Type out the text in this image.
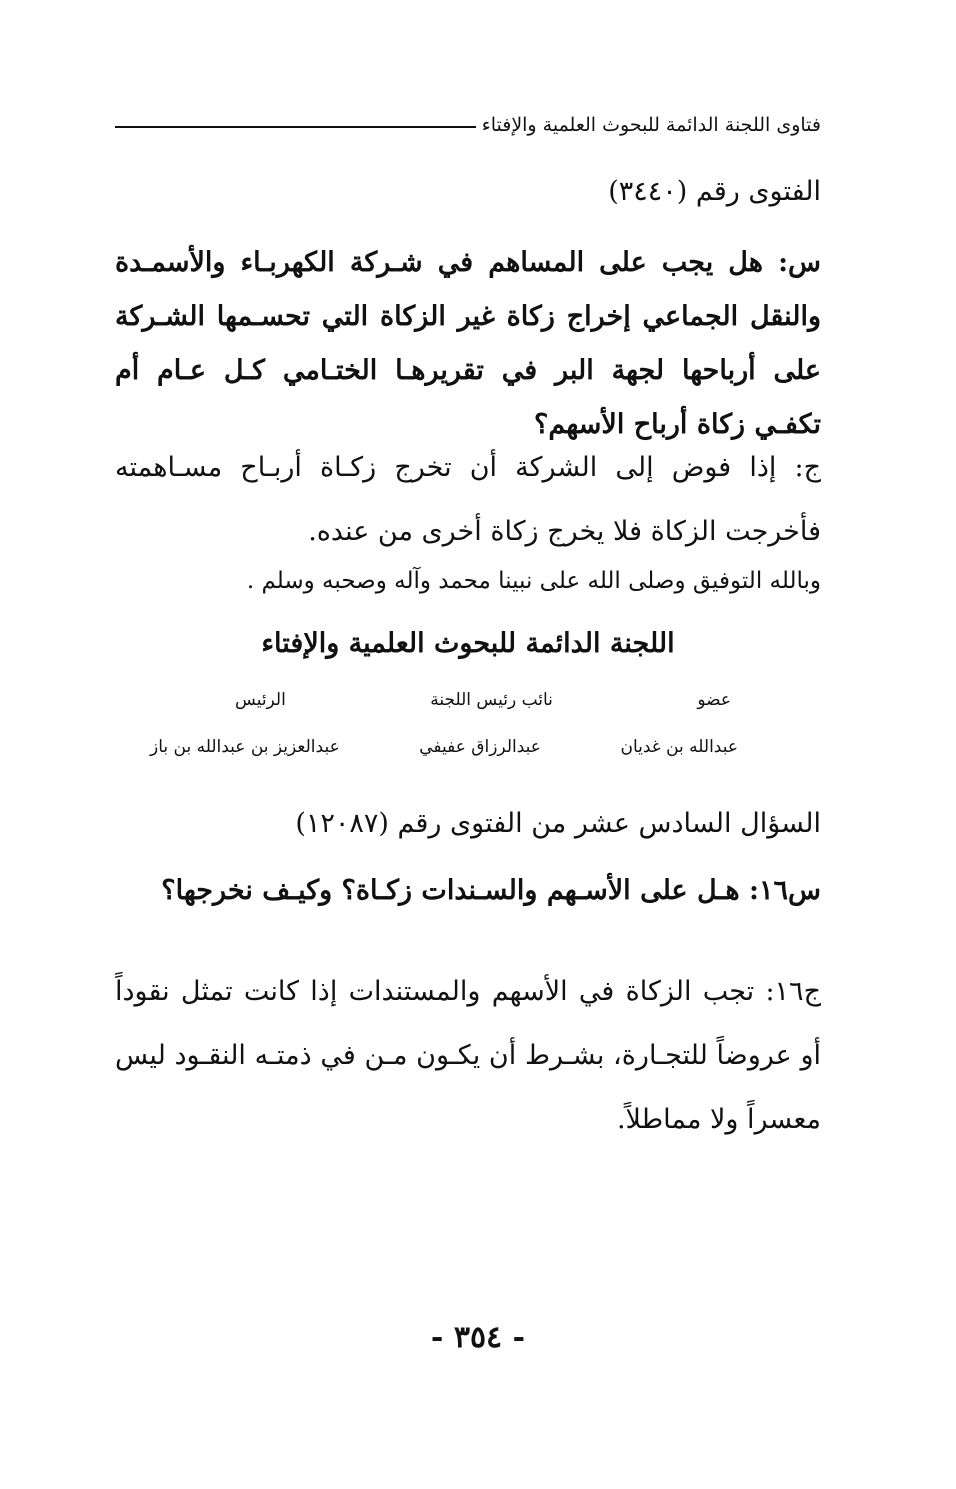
فتاوى اللجنة الدائمة للبحوث العلمية والإفتاء
الفتوى رقم (٣٤٤٠)
س: هل يجب على المساهم في شـركة الكهربـاء والأسمـدة والنقل الجماعي إخراج زكاة غير الزكاة التي تحسـمها الشـركة على أرباحها لجهة البر في تقريرهـا الختـامي كـل عـام أم تكفـي زكاة أرباح الأسهم؟
ج: إذا فوض إلى الشركة أن تخرج زكـاة أربـاح مسـاهمته فأخرجت الزكاة فلا يخرج زكاة أخرى من عنده.
وبالله التوفيق وصلى الله على نبينا محمد وآله وصحبه وسلم .
اللجنة الدائمة للبحوث العلمية والإفتاء
عضو
نائب رئيس اللجنة
الرئيس
عبدالله بن غديان
عبدالرزاق عفيفي
عبدالعزيز بن عبدالله بن باز
السؤال السادس عشر من الفتوى رقم (١٢٠٨٧)
س١٦: هـل على الأسـهم والسـندات زكـاة؟ وكيـف نخرجها؟
ج١٦: تجب الزكاة في الأسهم والمستندات إذا كانت تمثل نقوداً أو عروضاً للتجـارة، بشـرط أن يكـون مـن في ذمتـه النقـود ليس معسراً ولا مماطلاً.
- ٣٥٤ -
